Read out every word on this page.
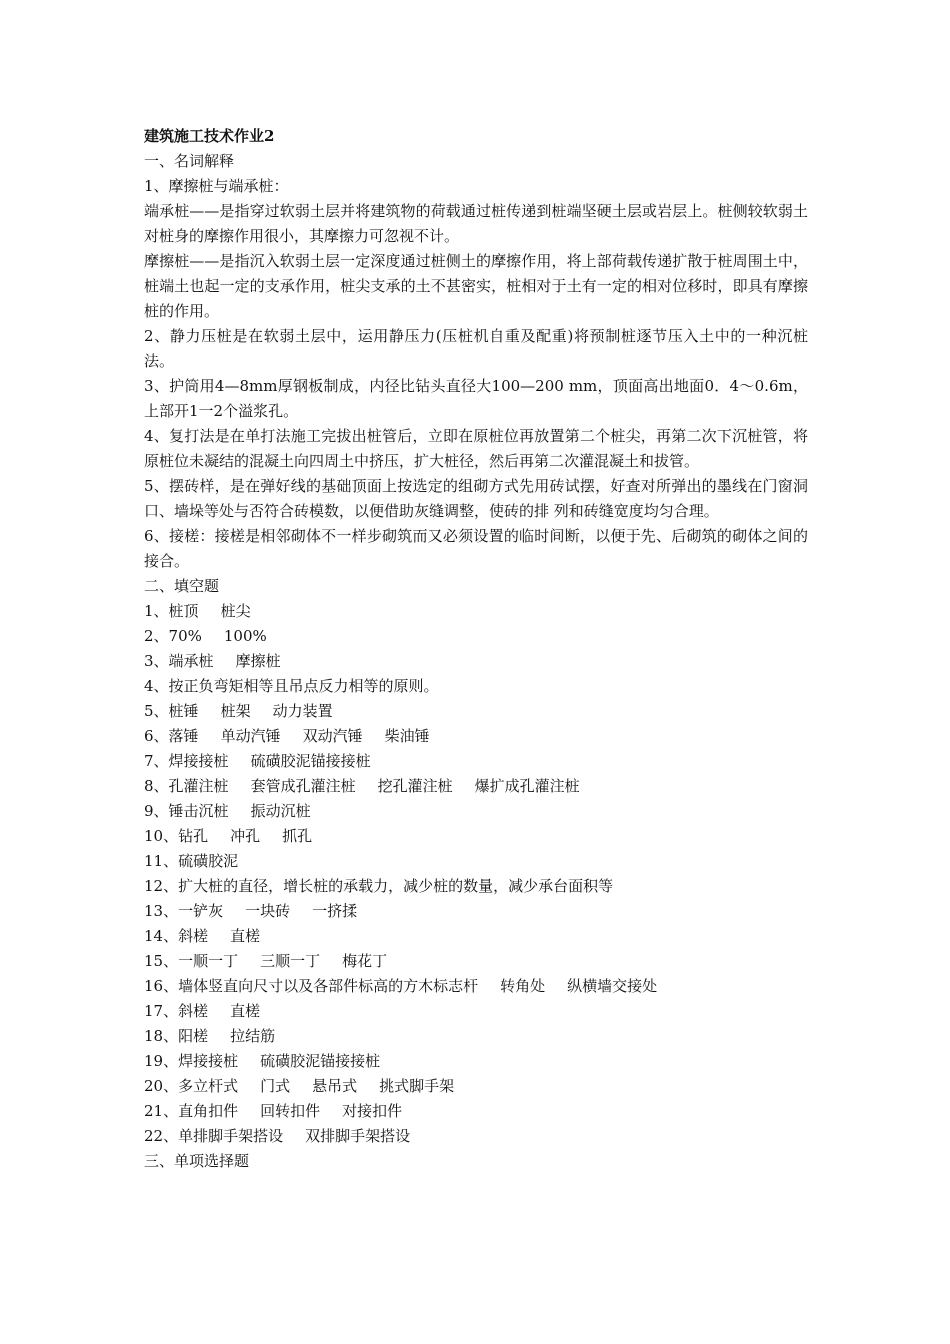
建筑施工技术作业2

一、名词解释

1、摩擦桩与端承桩：

端承桩——是指穿过软弱土层并将建筑物的荷载通过桩传递到桩端坚硬土层或岩层上。桩侧较软弱土对桩身的摩擦作用很小，其摩擦力可忽视不计。

摩擦桩——是指沉入软弱土层一定深度通过桩侧土的摩擦作用，将上部荷载传递扩散于桩周围土中，桩端土也起一定的支承作用，桩尖支承的土不甚密实，桩相对于土有一定的相对位移时，即具有摩擦桩的作用。

2、静力压桩是在软弱土层中，运用静压力(压桩机自重及配重)将预制桩逐节压入土中的一种沉桩法。

3、护筒用4—8mm厚钢板制成，内径比钻头直径大100—200 mm，顶面高出地面0．4～0.6m，上部开1一2个溢浆孔。

4、复打法是在单打法施工完拔出桩管后，立即在原桩位再放置第二个桩尖，再第二次下沉桩管，将原桩位未凝结的混凝土向四周土中挤压，扩大桩径，然后再第二次灌混凝土和拔管。

5、摆砖样，是在弹好线的基础顶面上按选定的组砌方式先用砖试摆，好查对所弹出的墨线在门窗洞口、墙垛等处与否符合砖模数，以便借助灰缝调整，使砖的排 列和砖缝宽度均匀合理。

6、接槎：接槎是相邻砌体不一样步砌筑而又必须设置的临时间断，以便于先、后砌筑的砌体之间的接合。

二、填空题

1、桩顶 桩尖

2、70% 100%

3、端承桩 摩擦桩

4、按正负弯矩相等且吊点反力相等的原则。

5、桩锤 桩架 动力装置

6、落锤 单动汽锤 双动汽锤 柴油锤

7、焊接接桩 硫磺胶泥锚接接桩

8、孔灌注桩 套管成孔灌注桩 挖孔灌注桩 爆扩成孔灌注桩

9、锤击沉桩 振动沉桩

10、钻孔 冲孔 抓孔

11、硫磺胶泥

12、扩大桩的直径，增长桩的承载力，减少桩的数量，减少承台面积等

13、一铲灰 一块砖 一挤揉

14、斜槎 直槎

15、一顺一丁 三顺一丁 梅花丁

16、墙体竖直向尺寸以及各部件标高的方木标志杆 转角处 纵横墙交接处

17、斜槎 直槎

18、阳槎 拉结筋

19、焊接接桩 硫磺胶泥锚接接桩

20、多立杆式 门式 悬吊式 挑式脚手架

21、直角扣件 回转扣件 对接扣件

22、单排脚手架搭设 双排脚手架搭设

三、单项选择题
